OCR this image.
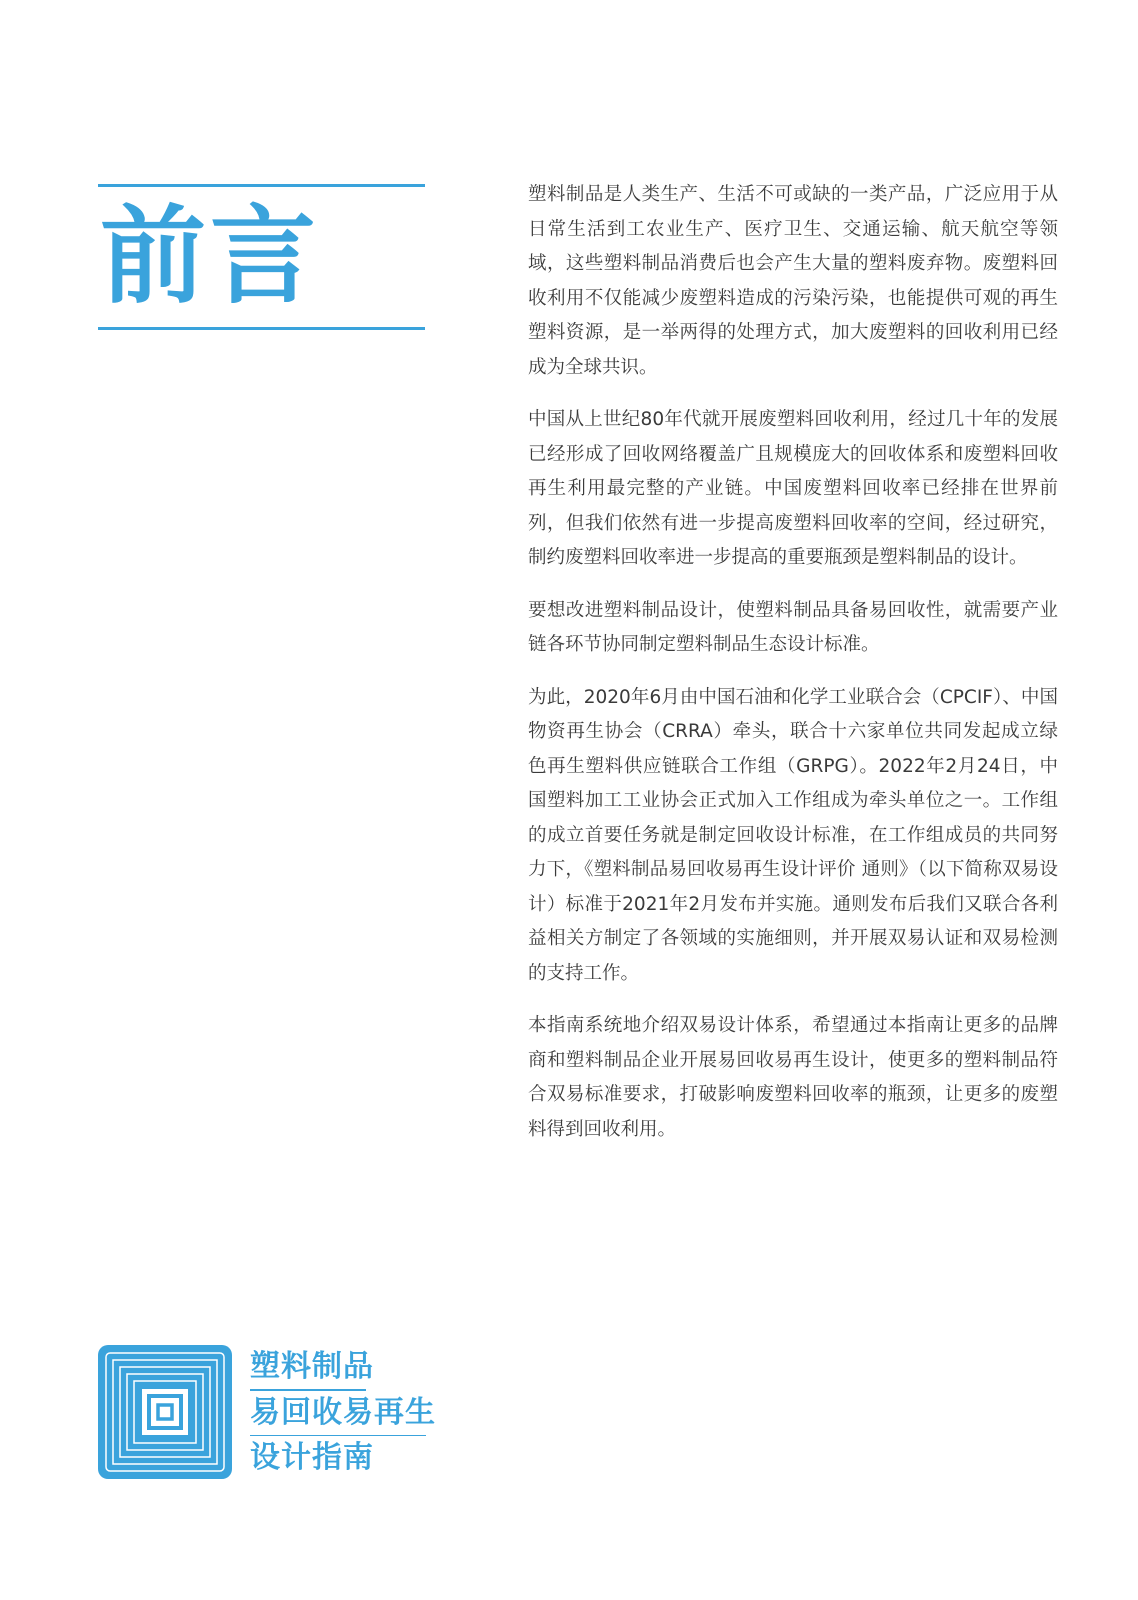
前言

塑料制品是人类生产、生活不可或缺的一类产品，广泛应用于从日常生活到工农业生产、医疗卫生、交通运输、航天航空等领域，这些塑料制品消费后也会产生大量的塑料废弃物。废塑料回收利用不仅能减少废塑料造成的污染污染，也能提供可观的再生塑料资源，是一举两得的处理方式，加大废塑料的回收利用已经成为全球共识。

中国从上世纪80年代就开展废塑料回收利用，经过几十年的发展已经形成了回收网络覆盖广且规模庞大的回收体系和废塑料回收再生利用最完整的产业链。中国废塑料回收率已经排在世界前列，但我们依然有进一步提高废塑料回收率的空间，经过研究，制约废塑料回收率进一步提高的重要瓶颈是塑料制品的设计。

要想改进塑料制品设计，使塑料制品具备易回收性，就需要产业链各环节协同制定塑料制品生态设计标准。

为此，2020年6月由中国石油和化学工业联合会（CPCIF）、中国物资再生协会（CRRA）牵头，联合十六家单位共同发起成立绿色再生塑料供应链联合工作组（GRPG）。2022年2月24日，中国塑料加工工业协会正式加入工作组成为牵头单位之一。工作组的成立首要任务就是制定回收设计标准，在工作组成员的共同努力下，《塑料制品易回收易再生设计评价 通则》（以下简称双易设计）标准于2021年2月发布并实施。通则发布后我们又联合各利益相关方制定了各领域的实施细则，并开展双易认证和双易检测的支持工作。

本指南系统地介绍双易设计体系，希望通过本指南让更多的品牌商和塑料制品企业开展易回收易再生设计，使更多的塑料制品符合双易标准要求，打破影响废塑料回收率的瓶颈，让更多的废塑料得到回收利用。

塑料制品
易回收易再生
设计指南
